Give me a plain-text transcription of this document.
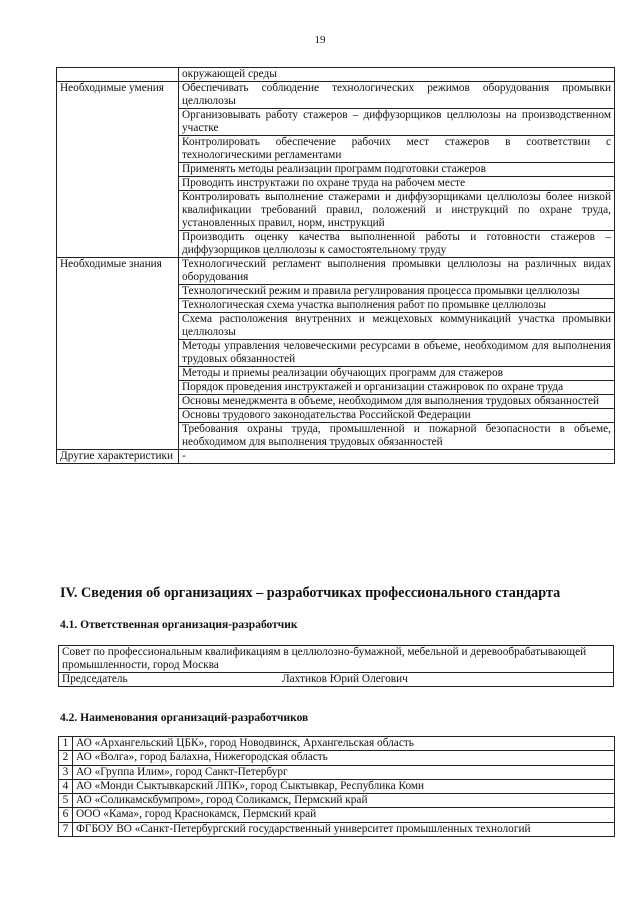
19
	окружающей среды
Необходимые умения	Обеспечивать соблюдение технологических режимов оборудования промывки целлюлозы
	Организовывать работу стажеров – диффузорщиков целлюлозы на производственном участке
	Контролировать обеспечение рабочих мест стажеров в соответствии с технологическими регламентами
	Применять методы реализации программ подготовки стажеров
	Проводить инструктажи по охране труда на рабочем месте
	Контролировать выполнение стажерами и диффузорщиками целлюлозы более низкой квалификации требований правил, положений и инструкций по охране труда, установленных правил, норм, инструкций
	Производить оценку качества выполненной работы и готовности стажеров – диффузорщиков целлюлозы к самостоятельному труду
Необходимые знания	Технологический регламент выполнения промывки целлюлозы на различных видах оборудования
	Технологический режим и правила регулирования процесса промывки целлюлозы
	Технологическая схема участка выполнения работ по промывке целлюлозы
	Схема расположения внутренних и межцеховых коммуникаций участка промывки целлюлозы
	Методы управления человеческими ресурсами в объеме, необходимом для выполнения трудовых обязанностей
	Методы и приемы реализации обучающих программ для стажеров
	Порядок проведения инструктажей и организации стажировок по охране труда
	Основы менеджмента в объеме, необходимом для выполнения трудовых обязанностей
	Основы трудового законодательства Российской Федерации
	Требования охраны труда, промышленной и пожарной безопасности в объеме, необходимом для выполнения трудовых обязанностей
Другие характеристики	-
IV. Сведения об организациях – разработчиках профессионального стандарта
4.1. Ответственная организация-разработчик
Совет по профессиональным квалификациям в целлюлозно-бумажной, мебельной и деревообрабатывающей промышленности, город Москва
Председатель	Лахтиков Юрий Олегович
4.2. Наименования организаций-разработчиков
1	АО «Архангельский ЦБК», город Новодвинск, Архангельская область
2	АО «Волга», город Балахна, Нижегородская область
3	АО «Группа Илим», город Санкт-Петербург
4	АО «Монди Сыктывкарский ЛПК», город Сыктывкар, Республика Коми
5	АО «Соликамскбумпром», город Соликамск, Пермский край
6	ООО «Кама», город Краснокамск, Пермский край
7	ФГБОУ ВО «Санкт-Петербургский государственный университет промышленных технологий
